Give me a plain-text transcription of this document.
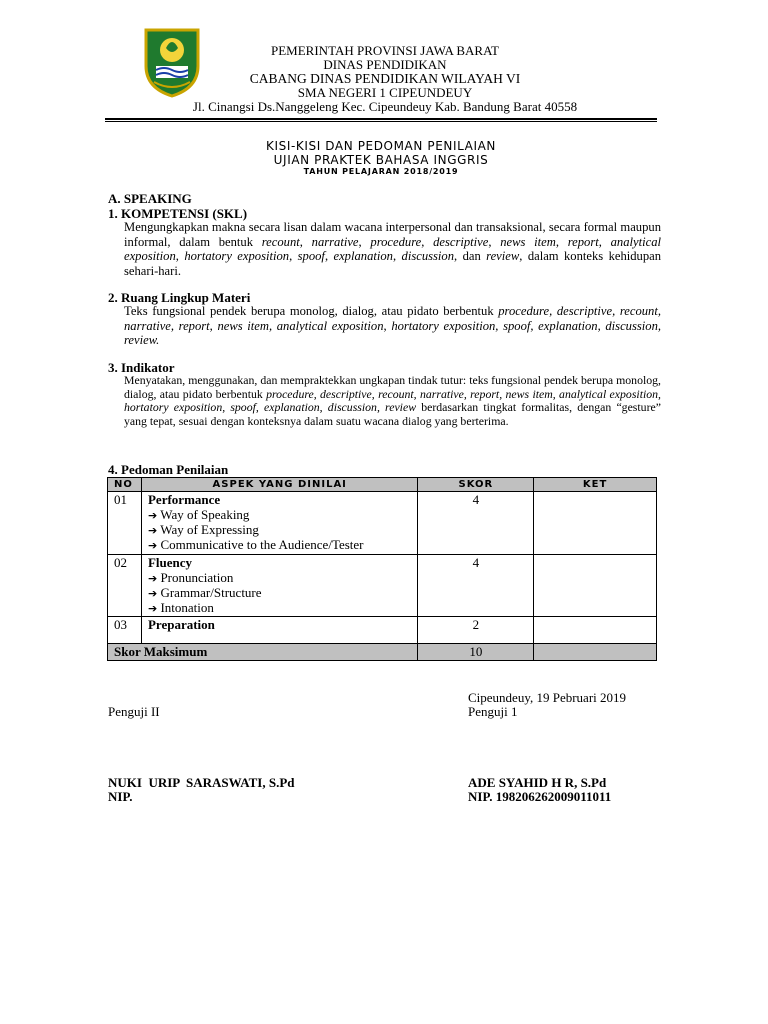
PEMERINTAH PROVINSI JAWA BARAT
DINAS PENDIDIKAN
CABANG DINAS PENDIDIKAN WILAYAH VI
SMA NEGERI 1 CIPEUNDEUY
Jl. Cinangsi Ds.Nanggeleng Kec. Cipeundeuy Kab. Bandung Barat 40558
KISI-KISI DAN PEDOMAN PENILAIAN
UJIAN PRAKTEK BAHASA INGGRIS
TAHUN PELAJARAN 2018/2019
A. SPEAKING
1. KOMPETENSI (SKL)
Mengungkapkan makna secara lisan dalam wacana interpersonal dan transaksional, secara formal maupun informal, dalam bentuk recount, narrative, procedure, descriptive, news item, report, analytical exposition, hortatory exposition, spoof, explanation, discussion, dan review, dalam konteks kehidupan sehari-hari.
2. Ruang Lingkup Materi
Teks fungsional pendek berupa monolog, dialog, atau pidato berbentuk procedure, descriptive, recount, narrative, report, news item, analytical exposition, hortatory exposition, spoof, explanation, discussion, review.
3. Indikator
Menyatakan, menggunakan, dan mempraktekkan ungkapan tindak tutur: teks fungsional pendek berupa monolog, dialog, atau pidato berbentuk procedure, descriptive, recount, narrative, report, news item, analytical exposition, hortatory exposition, spoof, explanation, discussion, review berdasarkan tingkat formalitas, dengan “gesture” yang tepat, sesuai dengan konteksnya dalam suatu wacana dialog yang berterima.
4. Pedoman Penilaian
NO	ASPEK YANG DINILAI	SKOR	KET
01	Performance
➔ Way of Speaking
➔ Way of Expressing
➔ Communicative to the Audience/Tester	4	
02	Fluency
➔ Pronunciation
➔ Grammar/Structure
➔ Intonation	4	
03	Preparation	2	
Skor Maksimum		10	
Cipeundeuy, 19 Pebruari 2019
Penguji II	Penguji 1
NUKI  URIP  SARASWATI, S.Pd
NIP.
ADE SYAHID H R, S.Pd
NIP. 198206262009011011
